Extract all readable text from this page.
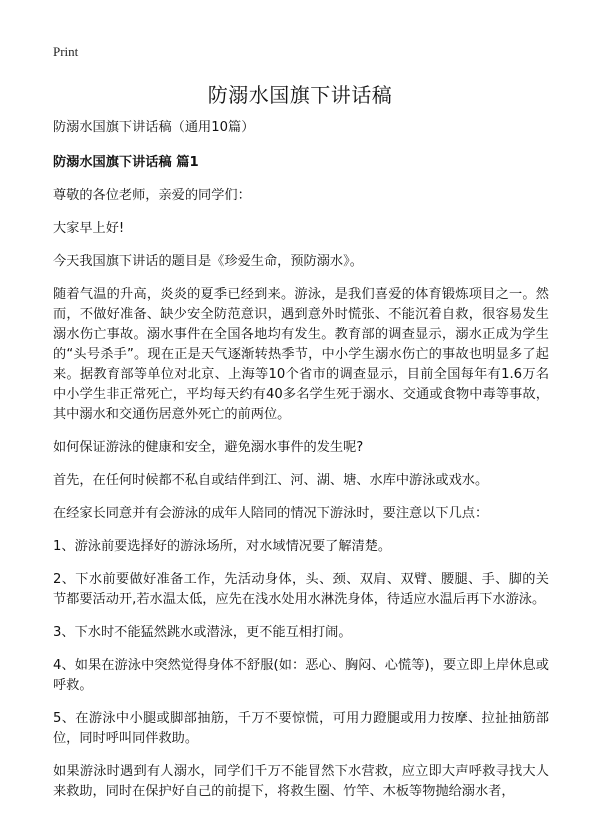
Print
防溺水国旗下讲话稿

防溺水国旗下讲话稿（通用10篇）

防溺水国旗下讲话稿 篇1

尊敬的各位老师，亲爱的同学们：

大家早上好!

今天我国旗下讲话的题目是《珍爱生命，预防溺水》。

随着气温的升高，炎炎的夏季已经到来。游泳，是我们喜爱的体育锻炼项目之一。然而，不做好准备、缺少安全防范意识，遇到意外时慌张、不能沉着自救，很容易发生溺水伤亡事故。溺水事件在全国各地均有发生。教育部的调查显示，溺水正成为学生的“头号杀手”。现在正是天气逐渐转热季节，中小学生溺水伤亡的事故也明显多了起来。据教育部等单位对北京、上海等10个省市的调查显示，目前全国每年有1.6万名中小学生非正常死亡，平均每天约有40多名学生死于溺水、交通或食物中毒等事故，其中溺水和交通伤居意外死亡的前两位。

如何保证游泳的健康和安全，避免溺水事件的发生呢?

首先，在任何时候都不私自或结伴到江、河、湖、塘、水库中游泳或戏水。

在经家长同意并有会游泳的成年人陪同的情况下游泳时，要注意以下几点：

1、游泳前要选择好的游泳场所，对水域情况要了解清楚。

2、下水前要做好准备工作，先活动身体，头、颈、双肩、双臂、腰腿、手、脚的关节都要活动开,若水温太低，应先在浅水处用水淋洗身体，待适应水温后再下水游泳。

3、下水时不能猛然跳水或潜泳，更不能互相打闹。

4、如果在游泳中突然觉得身体不舒服(如：恶心、胸闷、心慌等)，要立即上岸休息或呼救。

5、在游泳中小腿或脚部抽筋，千万不要惊慌，可用力蹬腿或用力按摩、拉扯抽筋部位，同时呼叫同伴救助。

如果游泳时遇到有人溺水，同学们千万不能冒然下水营救，应立即大声呼救寻找大人来救助，同时在保护好自己的前提下，将救生圈、竹竿、木板等物抛给溺水者，
